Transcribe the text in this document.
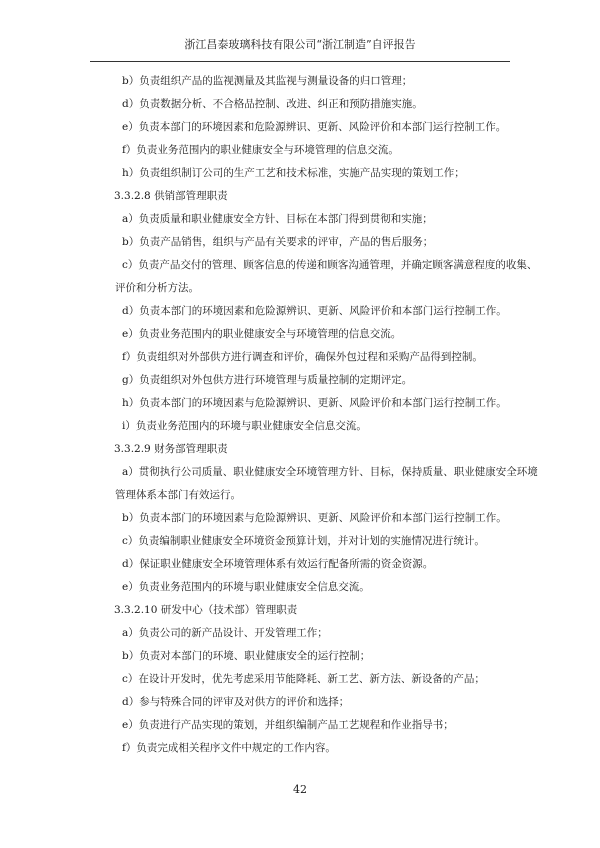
浙江昌泰玻璃科技有限公司“浙江制造”自评报告
b）负责组织产品的监视测量及其监视与测量设备的归口管理；
d）负责数据分析、不合格品控制、改进、纠正和预防措施实施。
e）负责本部门的环境因素和危险源辨识、更新、风险评价和本部门运行控制工作。
f）负责业务范围内的职业健康安全与环境管理的信息交流。
h）负责组织制订公司的生产工艺和技术标准，实施产品实现的策划工作；
3.3.2.8 供销部管理职责
a）负责质量和职业健康安全方针、目标在本部门得到贯彻和实施；
b）负责产品销售，组织与产品有关要求的评审，产品的售后服务；
c）负责产品交付的管理、顾客信息的传递和顾客沟通管理，并确定顾客满意程度的收集、
评价和分析方法。
d）负责本部门的环境因素和危险源辨识、更新、风险评价和本部门运行控制工作。
e）负责业务范围内的职业健康安全与环境管理的信息交流。
f）负责组织对外部供方进行调查和评价，确保外包过程和采购产品得到控制。
g）负责组织对外包供方进行环境管理与质量控制的定期评定。
h）负责本部门的环境因素与危险源辨识、更新、风险评价和本部门运行控制工作。
i）负责业务范围内的环境与职业健康安全信息交流。
3.3.2.9 财务部管理职责
a）贯彻执行公司质量、职业健康安全环境管理方针、目标，保持质量、职业健康安全环境
管理体系本部门有效运行。
b）负责本部门的环境因素与危险源辨识、更新、风险评价和本部门运行控制工作。
c）负责编制职业健康安全环境资金预算计划，并对计划的实施情况进行统计。
d）保证职业健康安全环境管理体系有效运行配备所需的资金资源。
e）负责业务范围内的环境与职业健康安全信息交流。
3.3.2.10 研发中心（技术部）管理职责
a）负责公司的新产品设计、开发管理工作；
b）负责对本部门的环境、职业健康安全的运行控制；
c）在设计开发时，优先考虑采用节能降耗、新工艺、新方法、新设备的产品；
d）参与特殊合同的评审及对供方的评价和选择；
e）负责进行产品实现的策划，并组织编制产品工艺规程和作业指导书；
f）负责完成相关程序文件中规定的工作内容。
42
